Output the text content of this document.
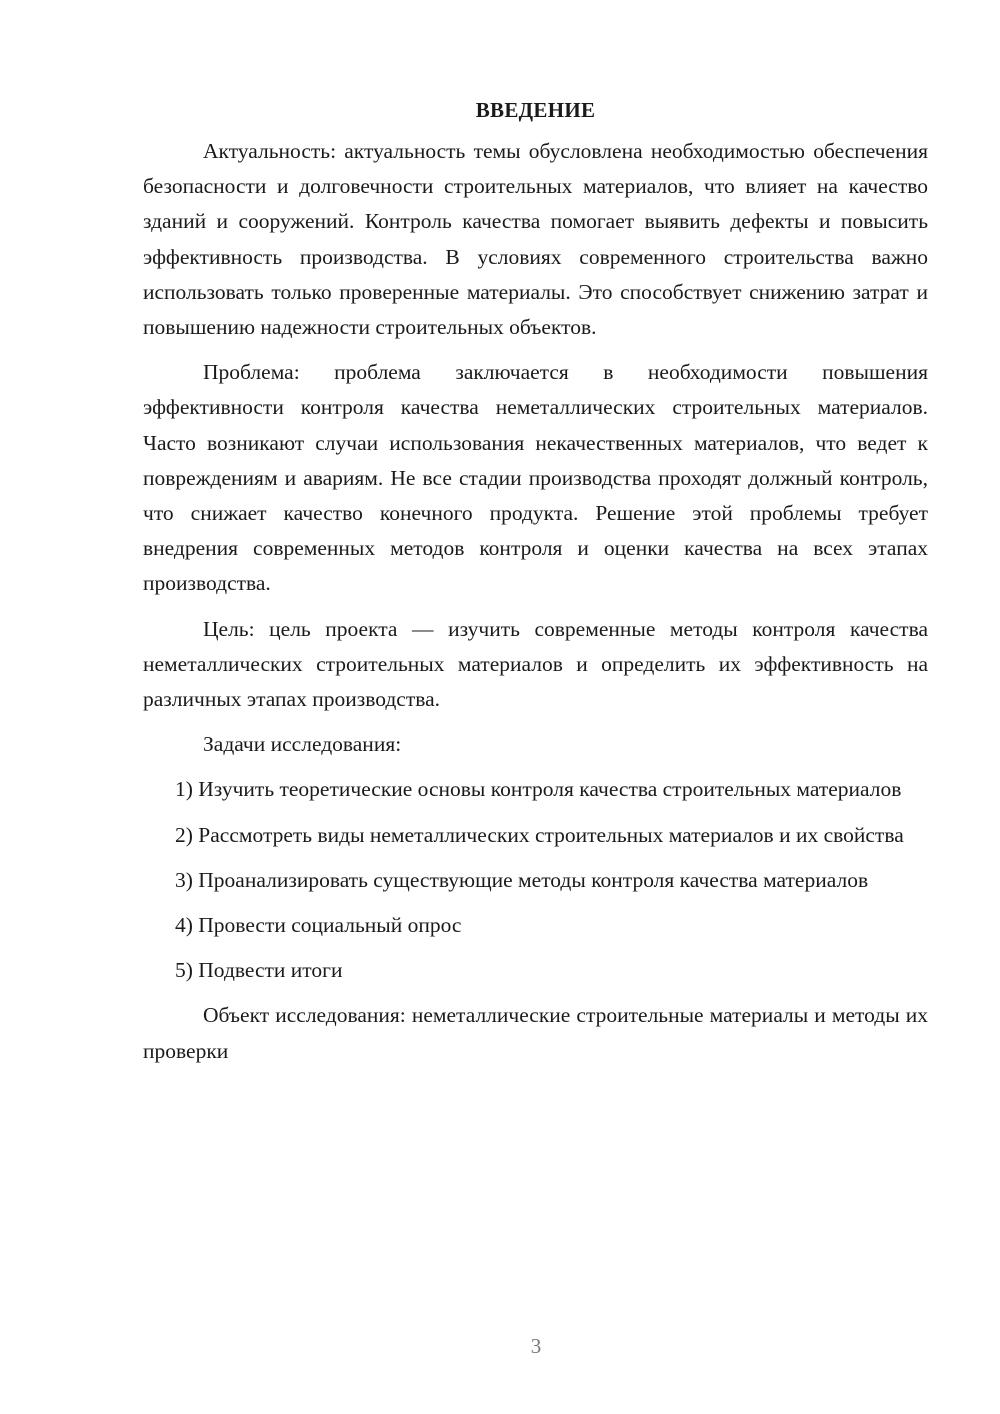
ВВЕДЕНИЕ

Актуальность: актуальность темы обусловлена необходимостью обеспечения безопасности и долговечности строительных материалов, что влияет на качество зданий и сооружений. Контроль качества помогает выявить дефекты и повысить эффективность производства. В условиях современного строительства важно использовать только проверенные материалы. Это способствует снижению затрат и повышению надежности строительных объектов.

Проблема: проблема заключается в необходимости повышения эффективности контроля качества неметаллических строительных материалов. Часто возникают случаи использования некачественных материалов, что ведет к повреждениям и авариям. Не все стадии производства проходят должный контроль, что снижает качество конечного продукта. Решение этой проблемы требует внедрения современных методов контроля и оценки качества на всех этапах производства.

Цель: цель проекта — изучить современные методы контроля качества неметаллических строительных материалов и определить их эффективность на различных этапах производства.

Задачи исследования:

1) Изучить теоретические основы контроля качества строительных материалов

2) Рассмотреть виды неметаллических строительных материалов и их свойства

3) Проанализировать существующие методы контроля качества материалов

4) Провести социальный опрос

5) Подвести итоги

Объект исследования: неметаллические строительные материалы и методы их проверки

3
